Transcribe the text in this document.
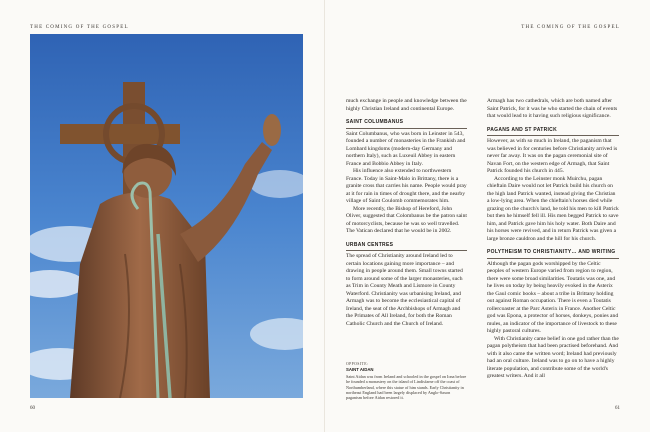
THE COMING OF THE GOSPEL
60
THE COMING OF THE GOSPEL
61

much exchange in people and knowledge between the highly Christian Ireland and continental Europe.

SAINT COLUMBANUS

Saint Columbanus, who was born in Leinster in 543, founded a number of monasteries in the Frankish and Lombard kingdoms (modern-day Germany and northern Italy), such as Luxeuil Abbey in eastern France and Bobbio Abbey in Italy.

His influence also extended to northwestern France. Today in Saint-Malo in Brittany, there is a granite cross that carries his name. People would pray at it for rain in times of drought there, and the nearby village of Saint Coulomb commemorates him.

More recently, the Bishop of Hereford, John Oliver, suggested that Colombanus be the patron saint of motorcyclists, because he was so well travelled. The Vatican declared that he would be in 2002.

URBAN CENTRES

The spread of Christianity around Ireland led to certain locations gaining more importance – and drawing in people around them. Small towns started to form around some of the larger monasteries, such as Trim in County Meath and Lismore in County Waterford. Christianity was urbanising Ireland, and Armagh was to become the ecclesiastical capital of Ireland, the seat of the Archbishops of Armagh and the Primates of All Ireland, for both the Roman Catholic Church and the Church of Ireland.

OPPOSITE:
SAINT AIDAN
Saint Aidan was from Ireland and schooled in the gospel on Iona before he founded a monastery on the island of Lindisfarne off the coast of Northumberland, where this statue of him stands. Early Christianity in northeast England had been largely displaced by Anglo-Saxon paganism before Aidan restored it.

Armagh has two cathedrals, which are both named after Saint Patrick, for it was he who started the chain of events that would lead to it having such religious significance.

PAGANS AND ST PATRICK

However, as with so much in Ireland, the paganism that was believed in for centuries before Christianity arrived is never far away. It was on the pagan ceremonial site of Navan Fort, on the western edge of Armagh, that Saint Patrick founded his church in 445.

According to the Leinster monk Muirchu, pagan chieftain Daire would not let Patrick build his church on the high land Patrick wanted, instead giving the Christian a low-lying area. When the chieftain's horses died while grazing on the church's land, he told his men to kill Patrick but then he himself fell ill. His men begged Patrick to save him, and Patrick gave him his holy water. Both Daire and his horses were revived, and in return Patrick was given a large bronze cauldron and the hill for his church.

POLYTHEISM TO CHRISTIANITY… AND WRITING

Although the pagan gods worshipped by the Celtic peoples of western Europe varied from region to region, there were some broad similarities. Toutatis was one, and he lives on today by being heavily evoked in the Asterix the Gaul comic books – about a tribe in Brittany holding out against Roman occupation. There is even a Toutatis rollercoaster at the Parc Asterix in France. Another Celtic god was Epona, a protector of horses, donkeys, ponies and mules, an indicator of the importance of livestock to these highly pastoral cultures.

With Christianity came belief in one god rather than the pagan polytheism that had been practised beforehand. And with it also came the written word; Ireland had previously had an oral culture. Ireland was to go on to have a highly literate population, and contribute some of the world's greatest writers. And it all
